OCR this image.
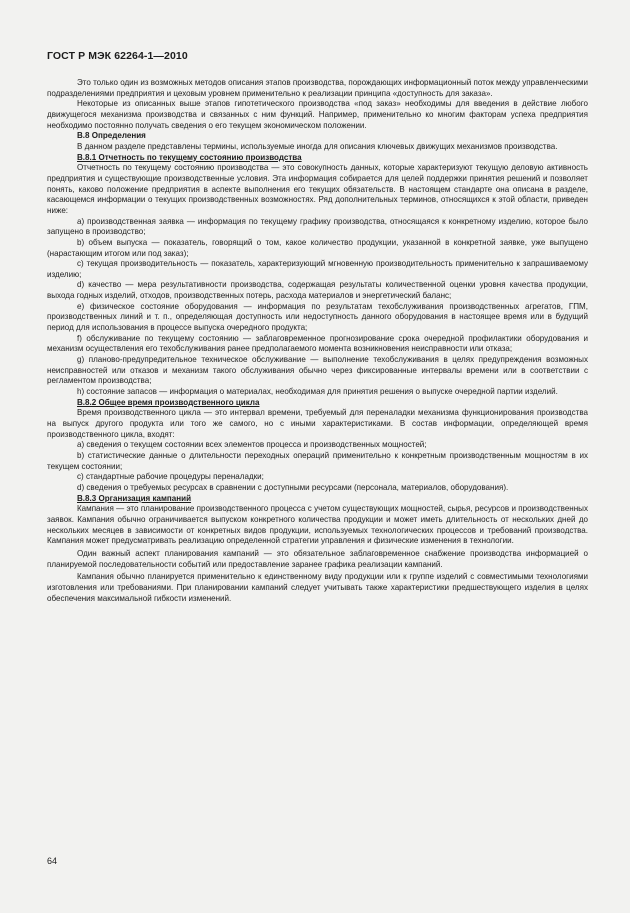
ГОСТ Р МЭК 62264-1—2010

Это только один из возможных методов описания этапов производства, порождающих информационный поток между управленческими подразделениями предприятия и цеховым уровнем применительно к реализации принципа «доступность для заказа».

Некоторые из описанных выше этапов гипотетического производства «под заказ» необходимы для введения в действие любого движущегося механизма производства и связанных с ним функций. Например, применительно ко многим факторам успеха предприятия необходимо постоянно получать сведения о его текущем экономическом положении.

В.8 Определения

В данном разделе представлены термины, используемые иногда для описания ключевых движущих механизмов производства.

В.8.1 Отчетность по текущему состоянию производства

Отчетность по текущему состоянию производства — это совокупность данных, которые характеризуют текущую деловую активность предприятия и существующие производственные условия. Эта информация собирается для целей поддержки принятия решений и позволяет понять, каково положение предприятия в аспекте выполнения его текущих обязательств. В настоящем стандарте она описана в разделе, касающемся информации о текущих производственных возможностях. Ряд дополнительных терминов, относящихся к этой области, приведен ниже:

a) производственная заявка — информация по текущему графику производства, относящаяся к конкретному изделию, которое было запущено в производство;

b) объем выпуска — показатель, говорящий о том, какое количество продукции, указанной в конкретной заявке, уже выпущено (нарастающим итогом или под заказ);

c) текущая производительность — показатель, характеризующий мгновенную производительность применительно к запрашиваемому изделию;

d) качество — мера результативности производства, содержащая результаты количественной оценки уровня качества продукции, выхода годных изделий, отходов, производственных потерь, расхода материалов и энергетический баланс;

e) физическое состояние оборудования — информация по результатам техобслуживания производственных агрегатов, ГПМ, производственных линий и т. п., определяющая доступность или недоступность данного оборудования в настоящее время или в будущий период для использования в процессе выпуска очередного продукта;

f) обслуживание по текущему состоянию — заблаговременное прогнозирование срока очередной профилактики оборудования и механизм осуществления его техобслуживания ранее предполагаемого момента возникновения неисправности или отказа;

g) планово-предупредительное техническое обслуживание — выполнение техобслуживания в целях предупреждения возможных неисправностей или отказов и механизм такого обслуживания обычно через фиксированные интервалы времени или в соответствии с регламентом производства;

h) состояние запасов — информация о материалах, необходимая для принятия решения о выпуске очередной партии изделий.

В.8.2 Общее время производственного цикла

Время производственного цикла — это интервал времени, требуемый для переналадки механизма функционирования производства на выпуск другого продукта или того же самого, но с иными характеристиками. В состав информации, определяющей время производственного цикла, входят:

a) сведения о текущем состоянии всех элементов процесса и производственных мощностей;

b) статистические данные о длительности переходных операций применительно к конкретным производственным мощностям в их текущем состоянии;

c) стандартные рабочие процедуры переналадки;

d) сведения о требуемых ресурсах в сравнении с доступными ресурсами (персонала, материалов, оборудования).

В.8.3 Организация кампаний

Кампания — это планирование производственного процесса с учетом существующих мощностей, сырья, ресурсов и производственных заявок. Кампания обычно ограничивается выпуском конкретного количества продукции и может иметь длительность от нескольких дней до нескольких месяцев в зависимости от конкретных видов продукции, используемых технологических процессов и требований производства. Кампания может предусматривать реализацию определенной стратегии управления и физические изменения в технологии.

Один важный аспект планирования кампаний — это обязательное заблаговременное снабжение производства информацией о планируемой последовательности событий или предоставление заранее графика реализации кампаний.

Кампания обычно планируется применительно к единственному виду продукции или к группе изделий с совместимыми технологиями изготовления или требованиями. При планировании кампаний следует учитывать также характеристики предшествующего изделия в целях обеспечения максимальной гибкости изменений.

64
